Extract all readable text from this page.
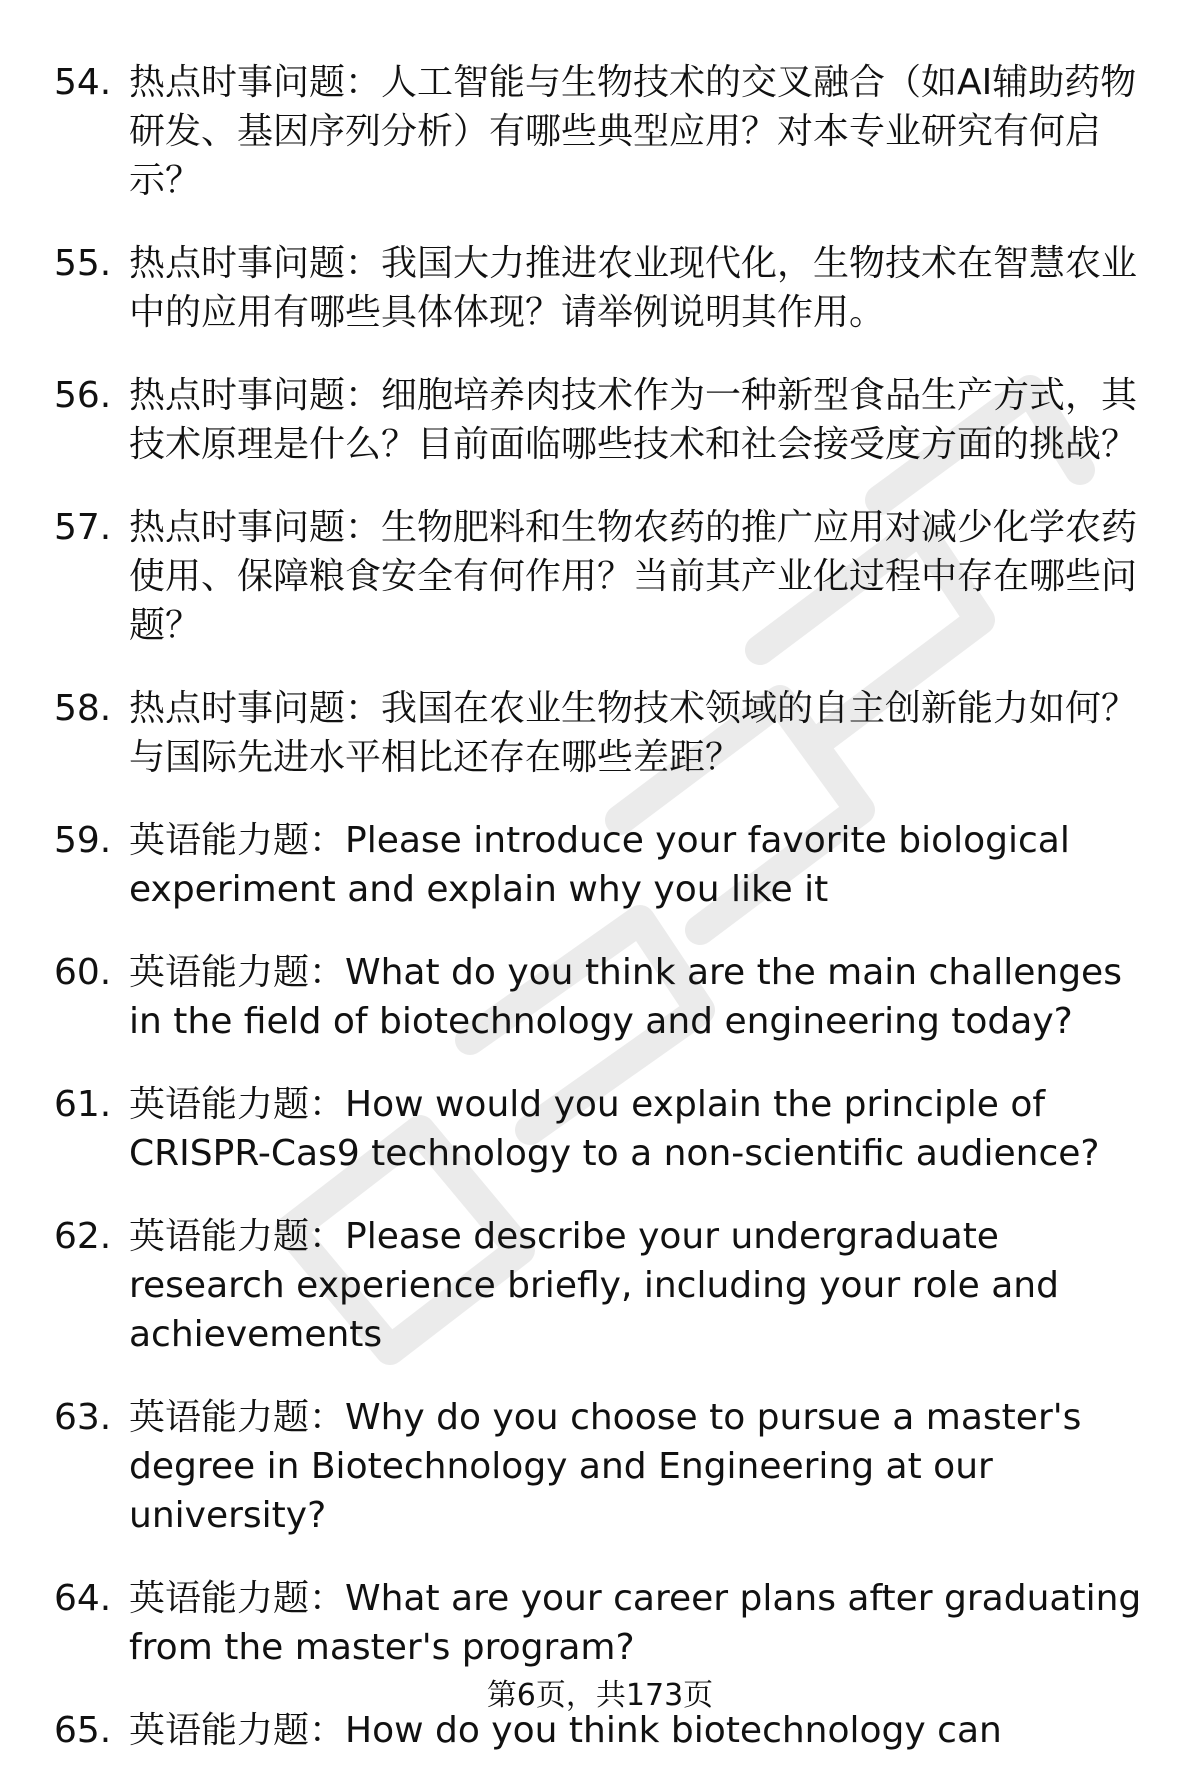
54. 热点时事问题：人工智能与生物技术的交叉融合（如AI辅助药物研发、基因序列分析）有哪些典型应用？对本专业研究有何启示？
55. 热点时事问题：我国大力推进农业现代化，生物技术在智慧农业中的应用有哪些具体体现？请举例说明其作用。
56. 热点时事问题：细胞培养肉技术作为一种新型食品生产方式，其技术原理是什么？目前面临哪些技术和社会接受度方面的挑战？
57. 热点时事问题：生物肥料和生物农药的推广应用对减少化学农药使用、保障粮食安全有何作用？当前其产业化过程中存在哪些问题？
58. 热点时事问题：我国在农业生物技术领域的自主创新能力如何？与国际先进水平相比还存在哪些差距？
59. 英语能力题：Please introduce your favorite biological experiment and explain why you like it
60. 英语能力题：What do you think are the main challenges in the field of biotechnology and engineering today?
61. 英语能力题：How would you explain the principle of CRISPR-Cas9 technology to a non-scientific audience?
62. 英语能力题：Please describe your undergraduate research experience briefly, including your role and achievements
63. 英语能力题：Why do you choose to pursue a master's degree in Biotechnology and Engineering at our university?
64. 英语能力题：What are your career plans after graduating from the master's program?
65. 英语能力题：How do you think biotechnology can
第6页，共173页
